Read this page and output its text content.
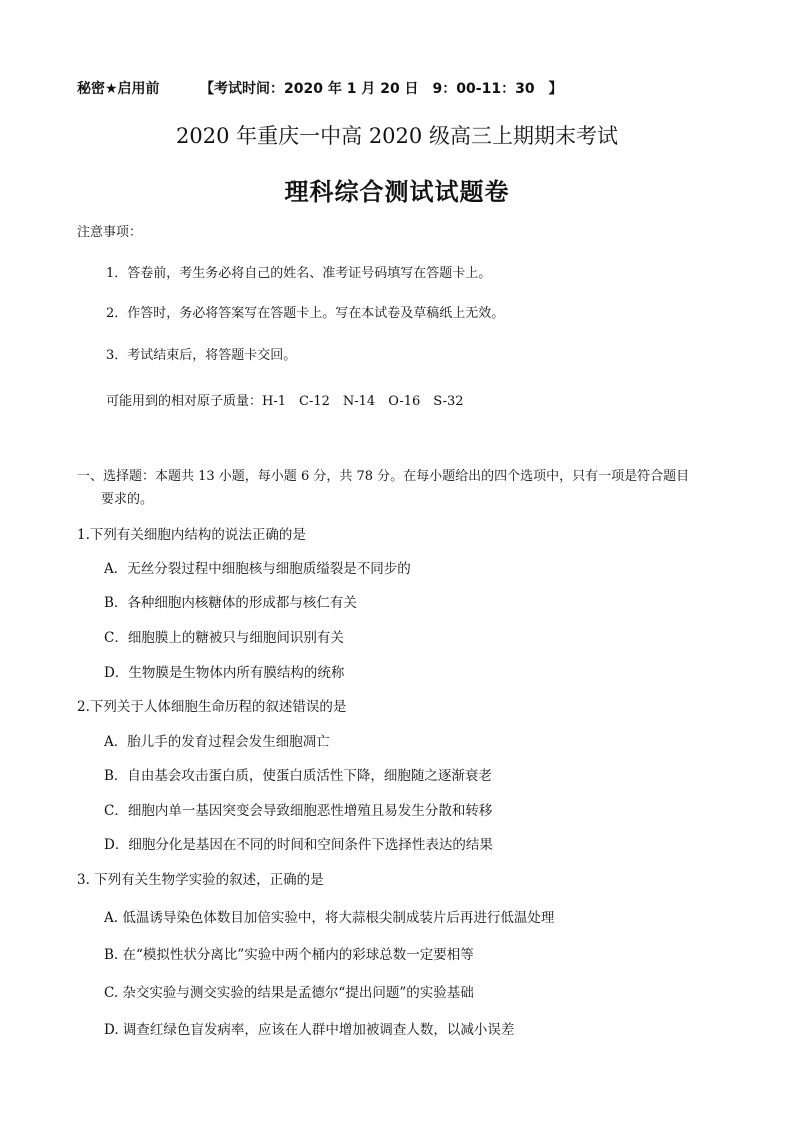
秘密★启用前	【考试时间：2020 年 1 月 20 日　9：00-11：30　】
2020 年重庆一中高 2020 级高三上期期末考试
理科综合测试试题卷
注意事项：
1．答卷前，考生务必将自己的姓名、准考证号码填写在答题卡上。
2．作答时，务必将答案写在答题卡上。写在本试卷及草稿纸上无效。
3．考试结束后，将答题卡交回。
可能用到的相对原子质量：H-1　C-12　N-14　O-16　S-32
一、选择题：本题共 13 小题，每小题 6 分，共 78 分。在每小题给出的四个选项中，只有一项是符合题目
要求的。
1.下列有关细胞内结构的说法正确的是
A．无丝分裂过程中细胞核与细胞质缢裂是不同步的
B．各种细胞内核糖体的形成都与核仁有关
C．细胞膜上的糖被只与细胞间识别有关
D．生物膜是生物体内所有膜结构的统称
2.下列关于人体细胞生命历程的叙述错误的是
A．胎儿手的发育过程会发生细胞凋亡
B．自由基会攻击蛋白质，使蛋白质活性下降，细胞随之逐渐衰老
C．细胞内单一基因突变会导致细胞恶性增殖且易发生分散和转移
D．细胞分化是基因在不同的时间和空间条件下选择性表达的结果
3. 下列有关生物学实验的叙述，正确的是
A. 低温诱导染色体数目加倍实验中，将大蒜根尖制成装片后再进行低温处理
B. 在“模拟性状分离比”实验中两个桶内的彩球总数一定要相等
C. 杂交实验与测交实验的结果是孟德尔“提出问题”的实验基础
D. 调查红绿色盲发病率，应该在人群中增加被调查人数，以减小误差
